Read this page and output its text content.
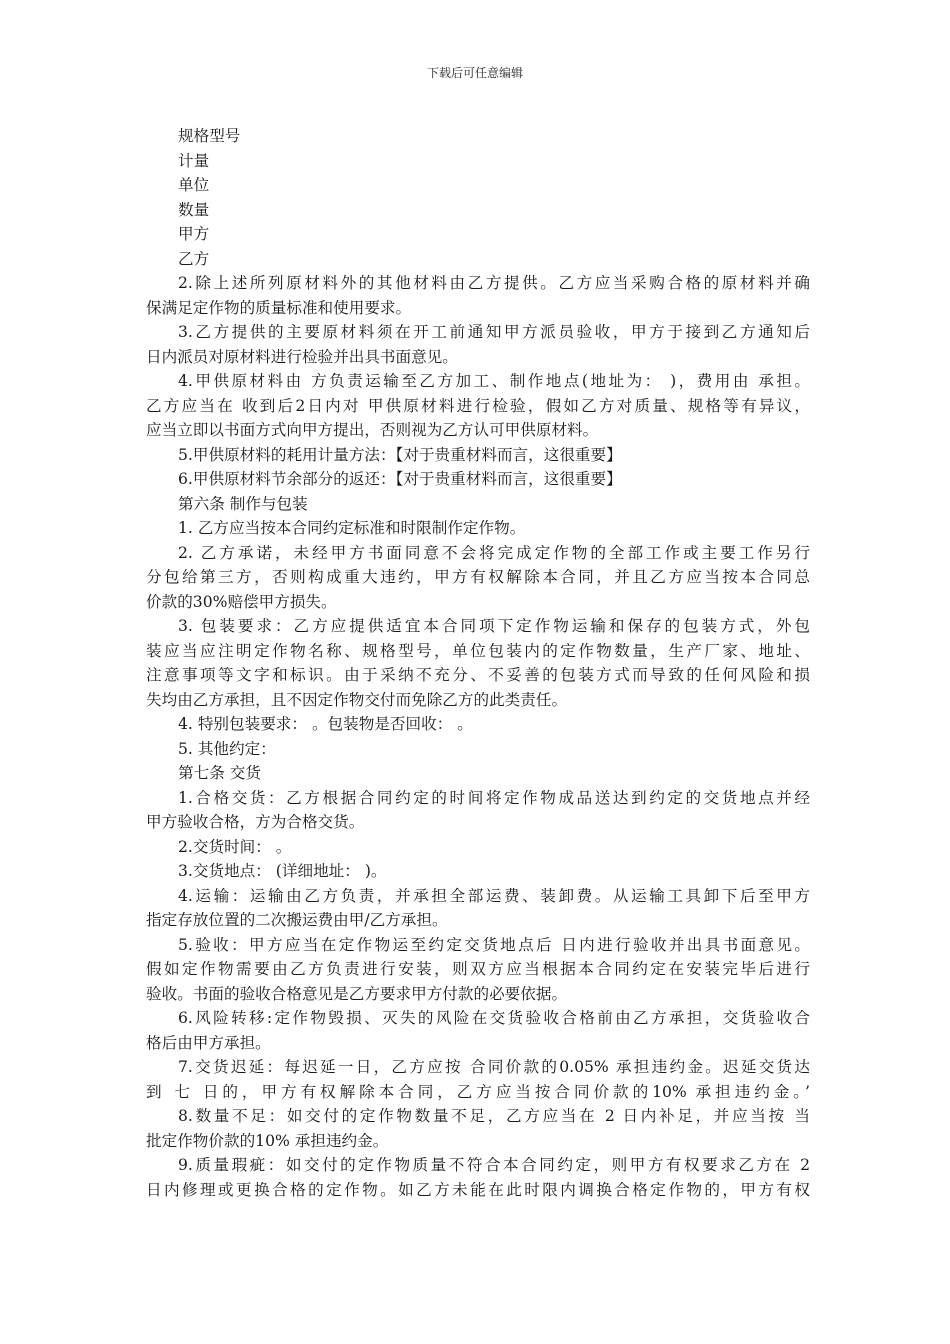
下载后可任意编辑
规格型号
计量
单位
数量
甲方
乙方
2.除上述所列原材料外的其他材料由乙方提供。乙方应当采购合格的原材料并确
保满足定作物的质量标准和使用要求。
3.乙方提供的主要原材料须在开工前通知甲方派员验收，甲方于接到乙方通知后
日内派员对原材料进行检验并出具书面意见。
4.甲供原材料由 方负责运输至乙方加工、制作地点(地址为： )，费用由 承担。
乙方应当在 收到后2日内对 甲供原材料进行检验，假如乙方对质量、规格等有异议，
应当立即以书面方式向甲方提出，否则视为乙方认可甲供原材料。
5.甲供原材料的耗用计量方法：【对于贵重材料而言，这很重要】
6.甲供原材料节余部分的返还：【对于贵重材料而言，这很重要】
第六条 制作与包装
1. 乙方应当按本合同约定标准和时限制作定作物。
2. 乙方承诺，未经甲方书面同意不会将完成定作物的全部工作或主要工作另行
分包给第三方，否则构成重大违约，甲方有权解除本合同，并且乙方应当按本合同总
价款的30%赔偿甲方损失。
3. 包装要求：乙方应提供适宜本合同项下定作物运输和保存的包装方式，外包
装应当应注明定作物名称、规格型号，单位包装内的定作物数量，生产厂家、地址、
注意事项等文字和标识。由于采纳不充分、不妥善的包装方式而导致的任何风险和损
失均由乙方承担，且不因定作物交付而免除乙方的此类责任。
4. 特别包装要求： 。包装物是否回收： 。
5. 其他约定：
第七条 交货
1.合格交货：乙方根据合同约定的时间将定作物成品送达到约定的交货地点并经
甲方验收合格，方为合格交货。
2.交货时间： 。
3.交货地点： (详细地址： )。
4.运输：运输由乙方负责，并承担全部运费、装卸费。从运输工具卸下后至甲方
指定存放位置的二次搬运费由甲/乙方承担。
5.验收：甲方应当在定作物运至约定交货地点后 日内进行验收并出具书面意见。
假如定作物需要由乙方负责进行安装，则双方应当根据本合同约定在安装完毕后进行
验收。书面的验收合格意见是乙方要求甲方付款的必要依据。
6.风险转移:定作物毁损、灭失的风险在交货验收合格前由乙方承担，交货验收合
格后由甲方承担。
7.交货迟延：每迟延一日，乙方应按 合同价款的0.05% 承担违约金。迟延交货达
到 七 日的，甲方有权解除本合同，乙方应当按合同价款的10% 承担违约金。’
8.数量不足：如交付的定作物数量不足，乙方应当在 2 日内补足，并应当按 当
批定作物价款的10% 承担违约金。
9.质量瑕疵：如交付的定作物质量不符合本合同约定，则甲方有权要求乙方在 2
日内修理或更换合格的定作物。如乙方未能在此时限内调换合格定作物的，甲方有权
